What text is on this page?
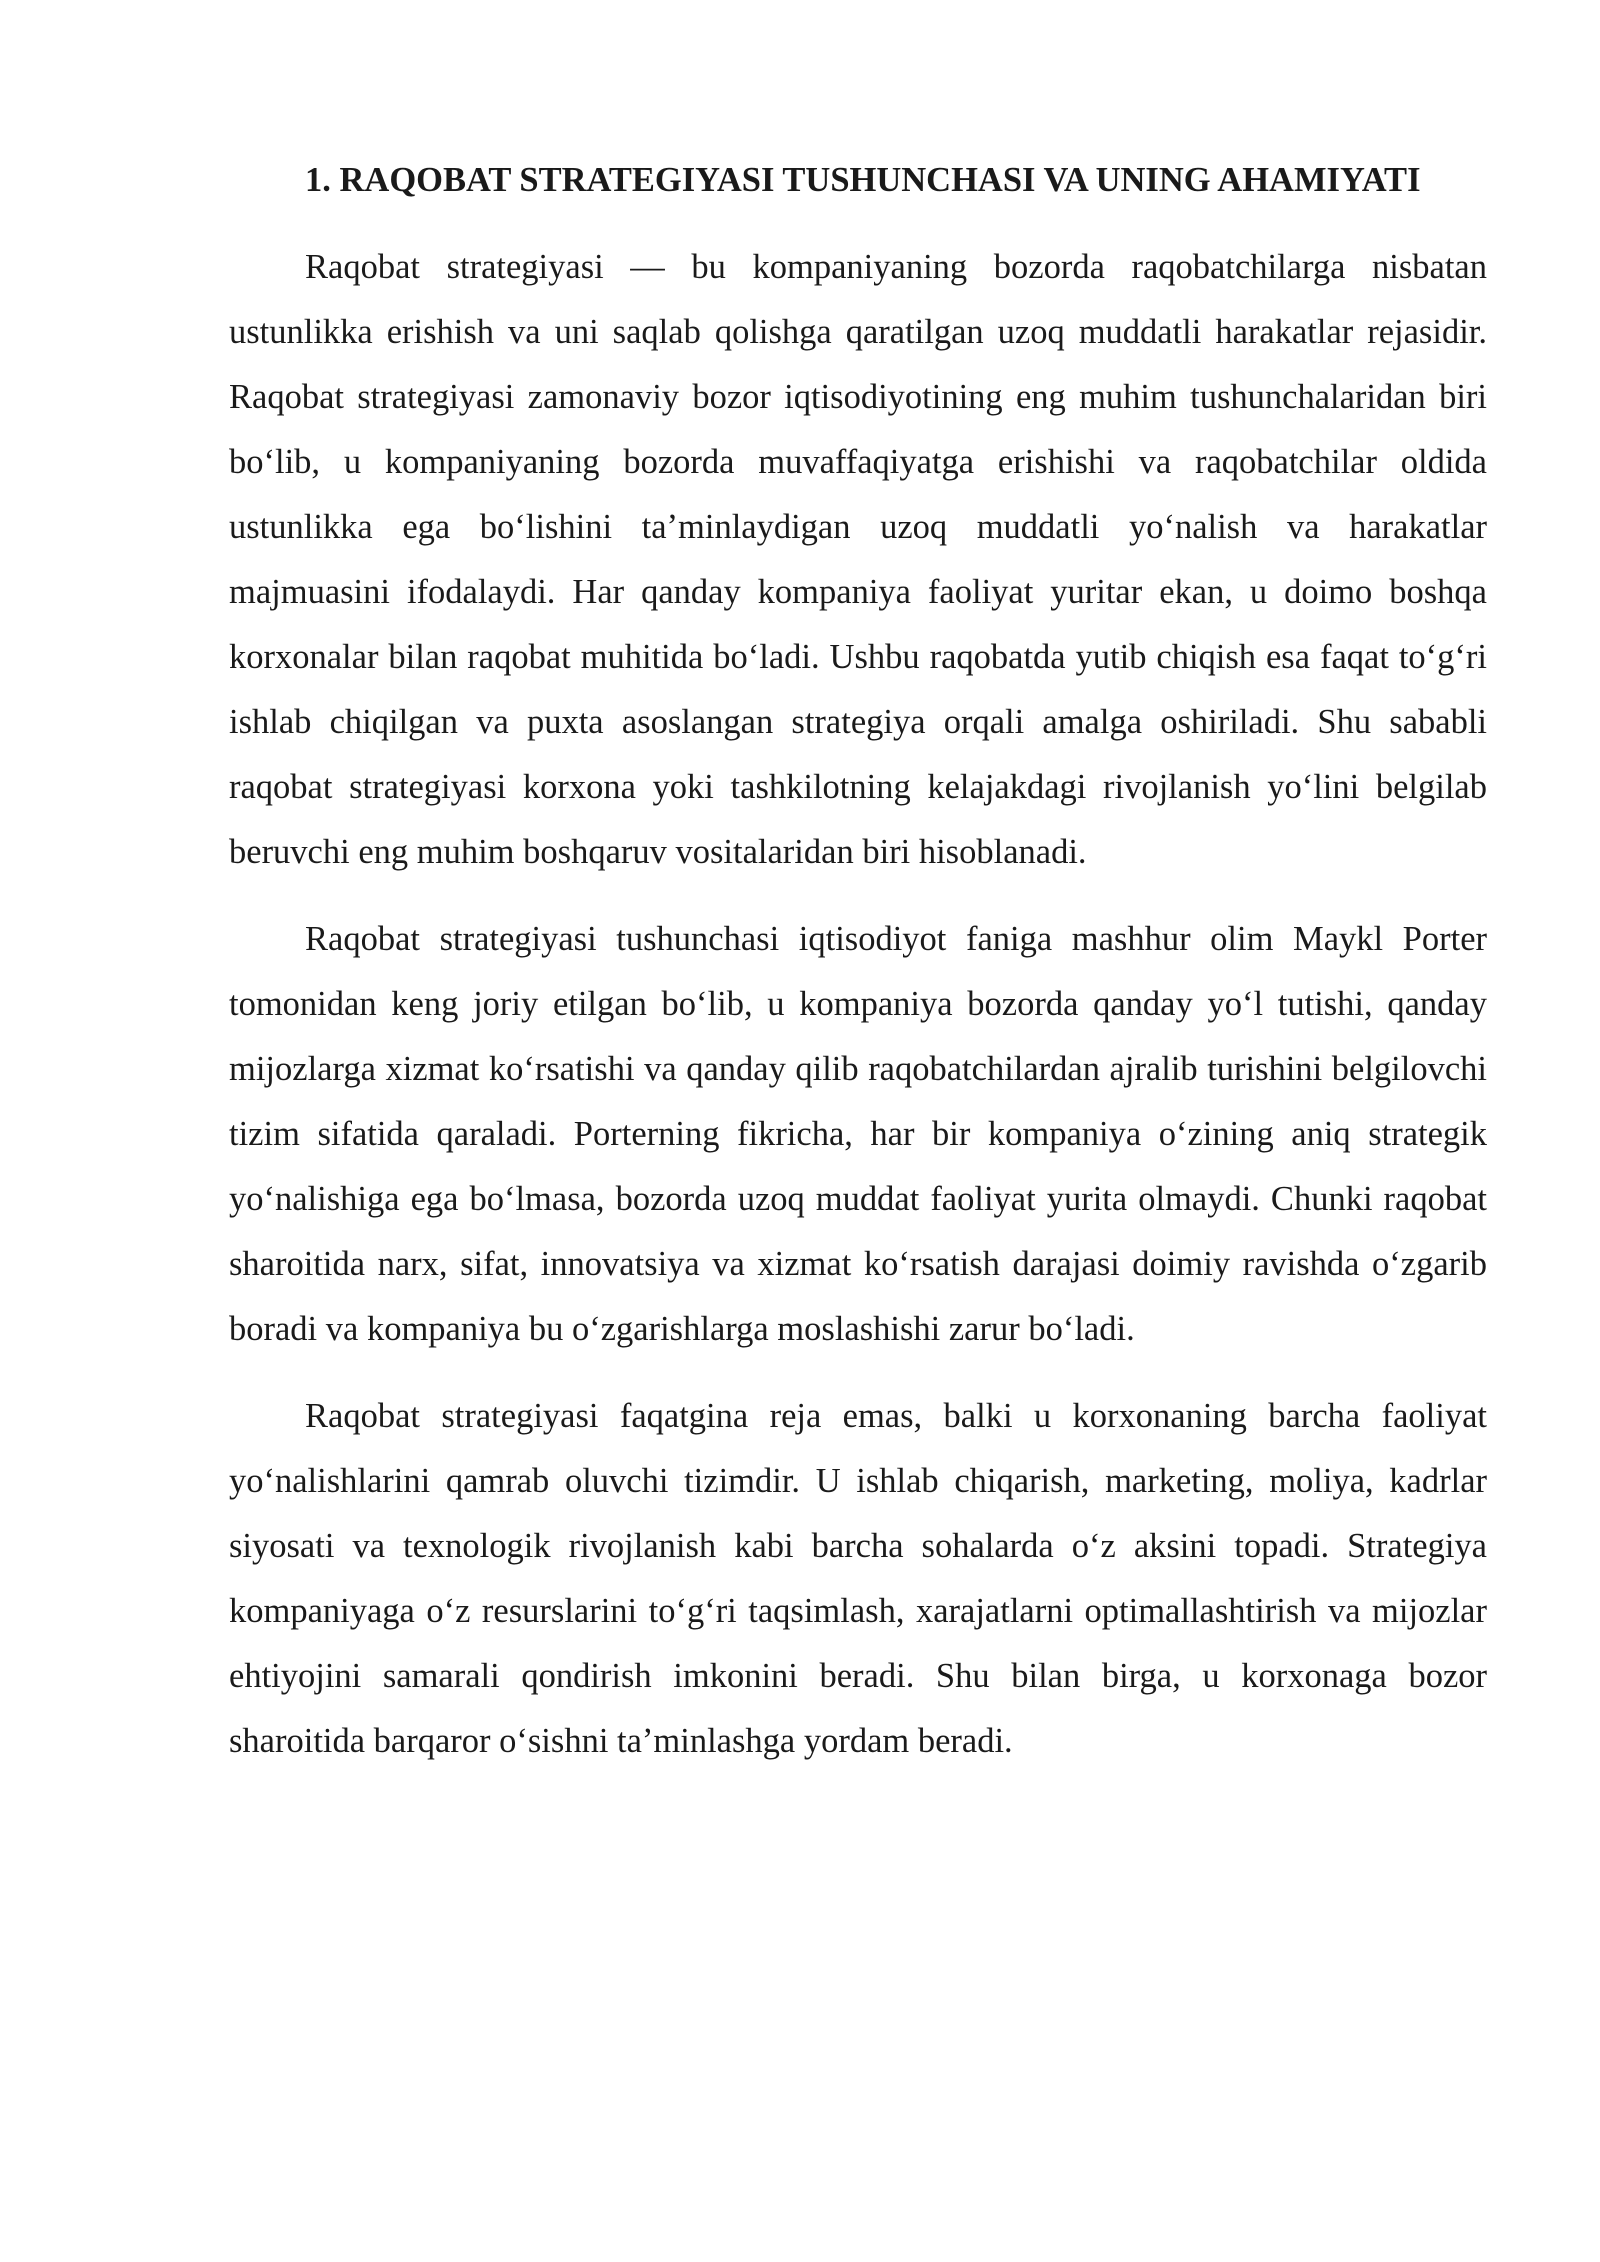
1. RAQOBAT STRATEGIYASI TUSHUNCHASI VA UNING AHAMIYATI

Raqobat strategiyasi — bu kompaniyaning bozorda raqobatchilarga nisbatan ustunlikka erishish va uni saqlab qolishga qaratilgan uzoq muddatli harakatlar rejasidir. Raqobat strategiyasi zamonaviy bozor iqtisodiyotining eng muhim tushunchalaridan biri boʻlib, u kompaniyaning bozorda muvaffaqiyatga erishishi va raqobatchilar oldida ustunlikka ega boʻlishini taʼminlaydigan uzoq muddatli yoʻnalish va harakatlar majmuasini ifodalaydi. Har qanday kompaniya faoliyat yuritar ekan, u doimo boshqa korxonalar bilan raqobat muhitida boʻladi. Ushbu raqobatda yutib chiqish esa faqat toʻgʻri ishlab chiqilgan va puxta asoslangan strategiya orqali amalga oshiriladi. Shu sababli raqobat strategiyasi korxona yoki tashkilotning kelajakdagi rivojlanish yoʻlini belgilab beruvchi eng muhim boshqaruv vositalaridan biri hisoblanadi.

Raqobat strategiyasi tushunchasi iqtisodiyot faniga mashhur olim Maykl Porter tomonidan keng joriy etilgan boʻlib, u kompaniya bozorda qanday yoʻl tutishi, qanday mijozlarga xizmat koʻrsatishi va qanday qilib raqobatchilardan ajralib turishini belgilovchi tizim sifatida qaraladi. Porterning fikricha, har bir kompaniya oʻzining aniq strategik yoʻnalishiga ega boʻlmasa, bozorda uzoq muddat faoliyat yurita olmaydi. Chunki raqobat sharoitida narx, sifat, innovatsiya va xizmat koʻrsatish darajasi doimiy ravishda oʻzgarib boradi va kompaniya bu oʻzgarishlarga moslashishi zarur boʻladi.

Raqobat strategiyasi faqatgina reja emas, balki u korxonaning barcha faoliyat yoʻnalishlarini qamrab oluvchi tizimdir. U ishlab chiqarish, marketing, moliya, kadrlar siyosati va texnologik rivojlanish kabi barcha sohalarda oʻz aksini topadi. Strategiya kompaniyaga oʻz resurslarini toʻgʻri taqsimlash, xarajatlarni optimallashtirish va mijozlar ehtiyojini samarali qondirish imkonini beradi. Shu bilan birga, u korxonaga bozor sharoitida barqaror oʻsishni taʼminlashga yordam beradi.
